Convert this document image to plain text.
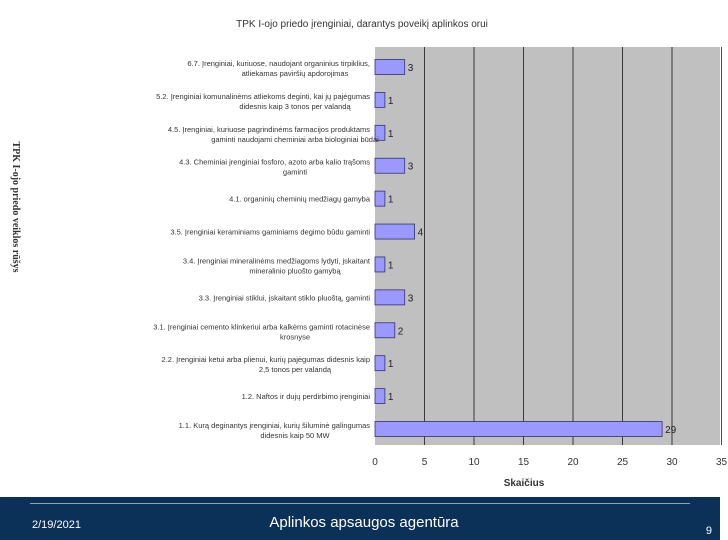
TPK I-ojo priedo įrenginiai, darantys poveikį aplinkos orui
3
1
1
3
1
4
1
3
2
1
1
29
6.7. Įrenginiai, kuriuose, naudojant organinius tirpiklius, atliekamas paviršių apdorojimas
5.2. Įrenginiai komunalinėms atliekoms deginti, kai jų pajėgumas didesnis kaip 3 tonos per valandą
4.5. Įrenginiai, kuriuose pagrindinėms farmacijos produktams gaminti naudojami cheminiai arba biologiniai būdai
4.3. Cheminiai įrenginiai fosforo, azoto arba kalio trąšoms gaminti
4.1. organinių cheminių medžiagų gamyba
3.5. Įrenginiai keraminiams gaminiams degimo būdu gaminti
3.4. Įrenginiai mineralinėms medžiagoms lydyti, įskaitant mineralinio pluošto gamybą
3.3. Įrenginiai stiklui, įskaitant stiklo pluoštą, gaminti
3.1. Įrenginiai cemento klinkeriui arba kalkėms gaminti rotacinėse krosnyse
2.2. Įrenginiai ketui arba plienui, kurių pajėgumas didesnis kaip 2,5 tonos per valandą
1.2. Naftos ir dujų perdirbimo įrenginiai
1.1. Kurą deginantys įrenginiai, kurių šiluminė galingumas didesnis kaip 50 MW
0	5	10	15	20	25	30	35
Skaičius
TPK I-ojo priedo veiklos rūšys
2/19/2021	Aplinkos apsaugos agentūra	9
